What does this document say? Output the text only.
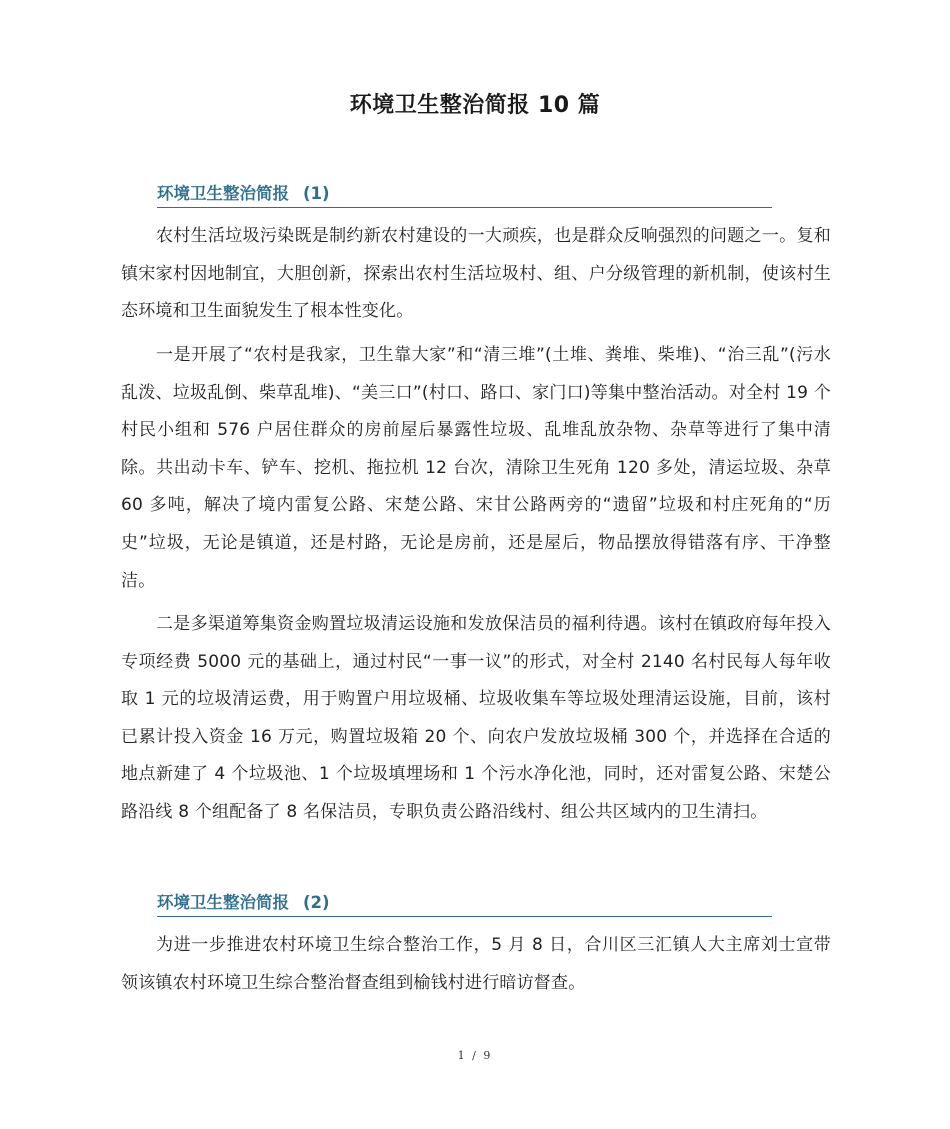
环境卫生整治简报 10 篇
环境卫生整治简报 (1)

农村生活垃圾污染既是制约新农村建设的一大顽疾，也是群众反响强烈的问题之一。复和镇宋家村因地制宜，大胆创新，探索出农村生活垃圾村、组、户分级管理的新机制，使该村生态环境和卫生面貌发生了根本性变化。

一是开展了“农村是我家，卫生靠大家”和“清三堆”(土堆、粪堆、柴堆)、“治三乱”(污水乱泼、垃圾乱倒、柴草乱堆)、“美三口”(村口、路口、家门口)等集中整治活动。对全村 19 个村民小组和 576 户居住群众的房前屋后暴露性垃圾、乱堆乱放杂物、杂草等进行了集中清除。共出动卡车、铲车、挖机、拖拉机 12 台次，清除卫生死角 120 多处，清运垃圾、杂草 60 多吨，解决了境内雷复公路、宋楚公路、宋甘公路两旁的“遗留”垃圾和村庄死角的“历史”垃圾，无论是镇道，还是村路，无论是房前，还是屋后，物品摆放得错落有序、干净整洁。

二是多渠道筹集资金购置垃圾清运设施和发放保洁员的福利待遇。该村在镇政府每年投入专项经费 5000 元的基础上，通过村民“一事一议”的形式，对全村 2140 名村民每人每年收取 1 元的垃圾清运费，用于购置户用垃圾桶、垃圾收集车等垃圾处理清运设施，目前，该村已累计投入资金 16 万元，购置垃圾箱 20 个、向农户发放垃圾桶 300 个，并选择在合适的地点新建了 4 个垃圾池、1 个垃圾填埋场和 1 个污水净化池，同时，还对雷复公路、宋楚公路沿线 8 个组配备了 8 名保洁员，专职负责公路沿线村、组公共区域内的卫生清扫。

环境卫生整治简报 (2)

为进一步推进农村环境卫生综合整治工作，5 月 8 日，合川区三汇镇人大主席刘士宣带领该镇农村环境卫生综合整治督查组到榆钱村进行暗访督查。

1 / 9
